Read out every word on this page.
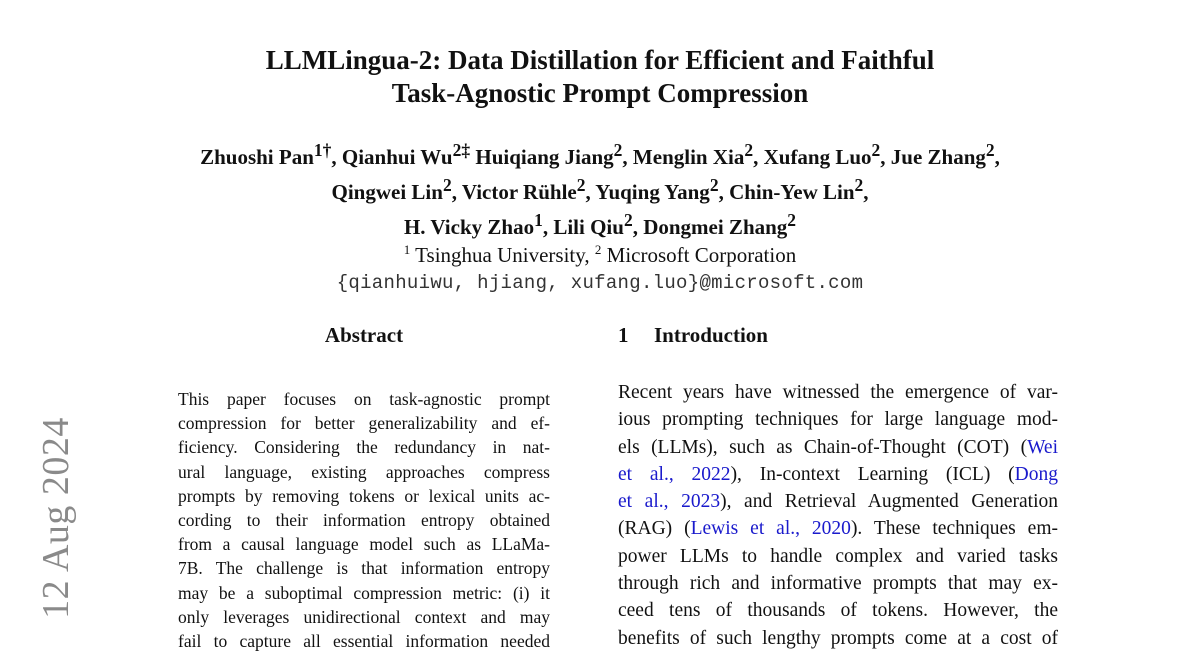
12 Aug 2024
LLMLingua-2: Data Distillation for Efficient and Faithful
Task-Agnostic Prompt Compression
Zhuoshi Pan$^{1\dagger}$, Qianhui $Wu^{2\ddagger}$ Huiqiang Jiang$^2$, Menglin Xia$^2$, Xufang Luo$^2$, Jue Zhang$^2$,
Qingwei Lin$^2$, Victor Rühle$^2$, Yuqing Yang$^2$, Chin-Yew Lin$^2$,
H. Vicky Zhao$^1$, Lili Qiu$^2$, Dongmei Zhang$^2$
$^1$ Tsinghua University, $^2$ Microsoft Corporation
{qianhuiwu, hjiang, xufang.luo}@microsoft.com
Abstract
This paper focuses on task-agnostic prompt
compression for better generalizability and ef-
ficiency. Considering the redundancy in nat-
ural language, existing approaches compress
prompts by removing tokens or lexical units ac-
cording to their information entropy obtained
from a causal language model such as LLaMa-
7B. The challenge is that information entropy
may be a suboptimal compression metric: (i) it
only leverages unidirectional context and may
fail to capture all essential information needed
1 Introduction
Recent years have witnessed the emergence of var-
ious prompting techniques for large language mod-
els (LLMs), such as Chain-of-Thought (COT) (Wei
et al., 2022), In-context Learning (ICL) (Dong
et al., 2023), and Retrieval Augmented Generation
(RAG) (Lewis et al., 2020). These techniques em-
power LLMs to handle complex and varied tasks
through rich and informative prompts that may ex-
ceed tens of thousands of tokens. However, the
benefits of such lengthy prompts come at a cost of
